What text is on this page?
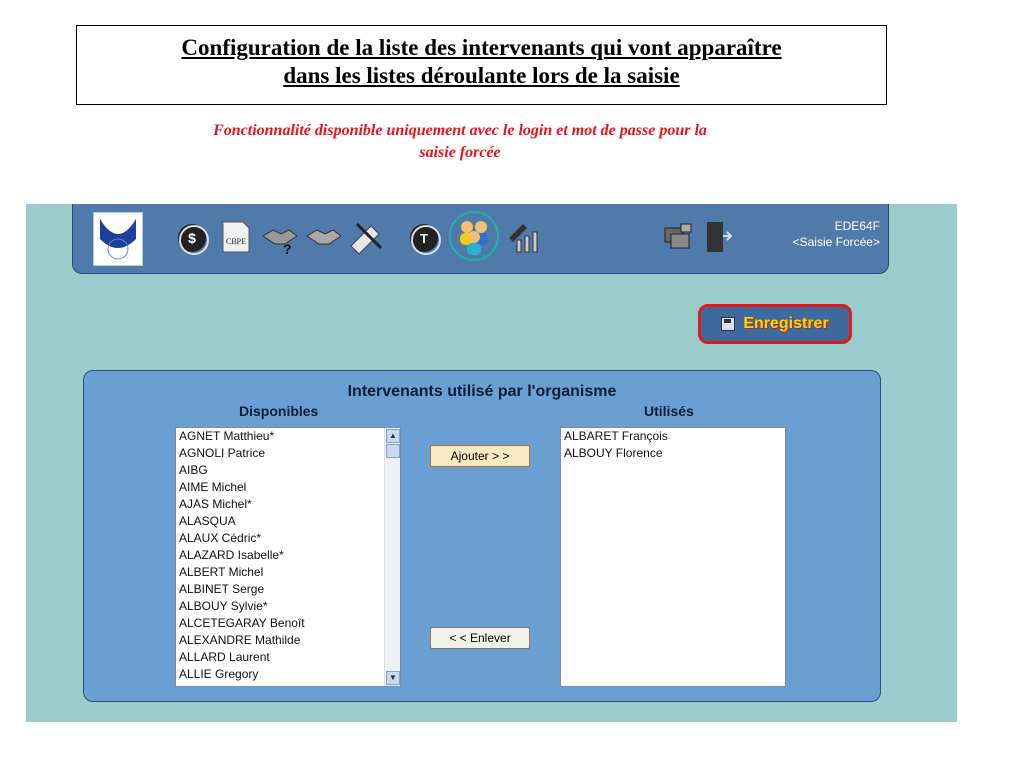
Configuration de la liste des intervenants qui vont apparaître
dans les listes déroulante lors de la saisie
Fonctionnalité disponible uniquement avec le login et mot de passe pour la
saisie forcée
$	CBPE	?
T
EDE64F
<Saisie Forcée>
Enregistrer
Intervenants utilisé par l'organisme
Disponibles	Utilisés
AGNET Matthieu*
AGNOLI Patrice
AIBG
AIME Michel
AJAS Michel*
ALASQUA
ALAUX Cédric*
ALAZARD Isabelle*
ALBERT Michel
ALBINET Serge
ALBOUY Sylvie*
ALCETEGARAY Benoît
ALEXANDRE Mathilde
ALLARD Laurent
ALLIE Gregory
▲
▼
Ajouter > >
< < Enlever
ALBARET François
ALBOUY Florence
